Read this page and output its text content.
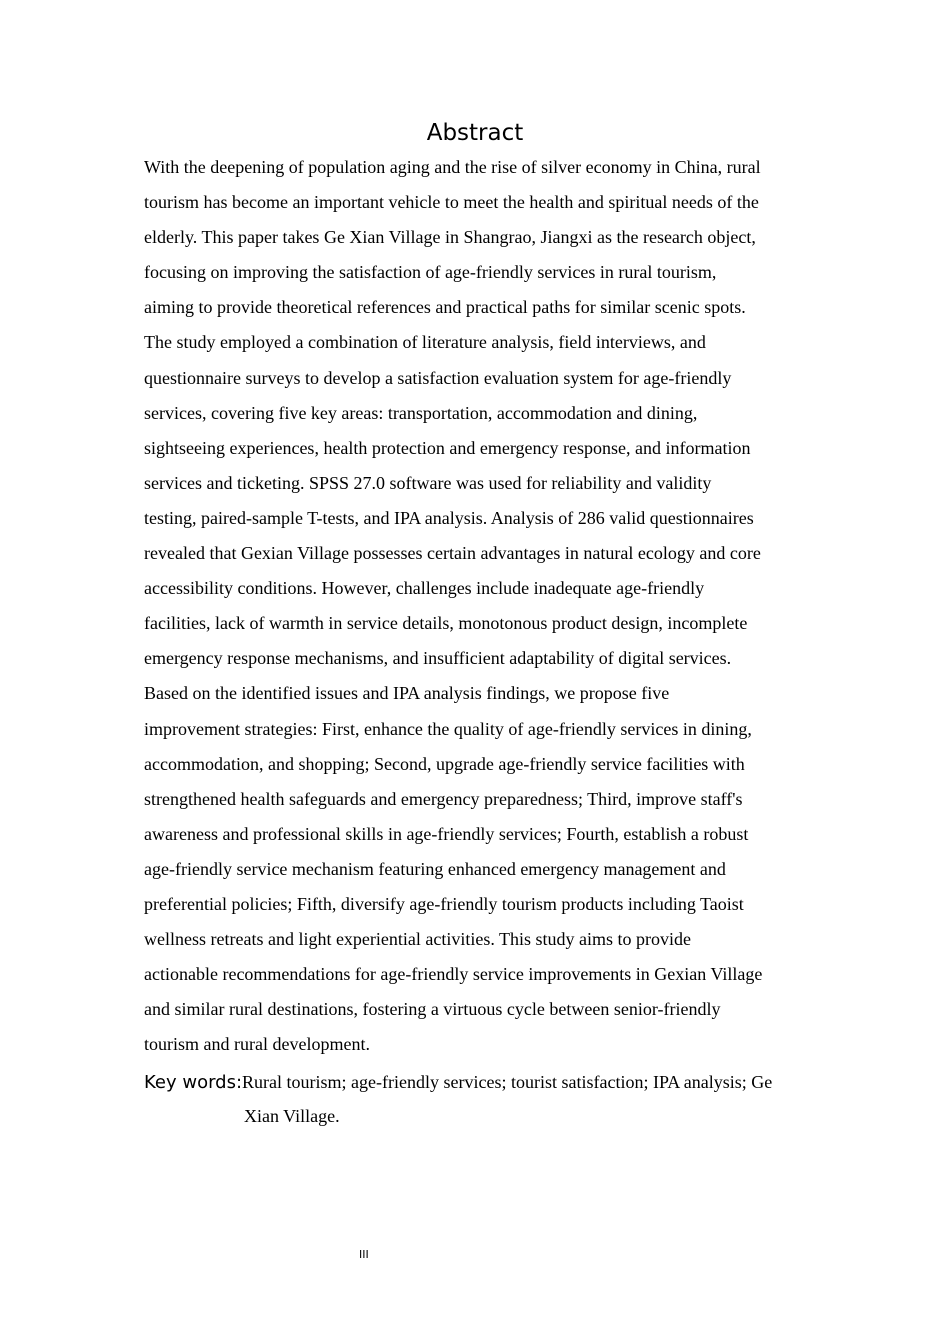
Abstract
With the deepening of population aging and the rise of silver economy in China, rural
tourism has become an important vehicle to meet the health and spiritual needs of the
elderly. This paper takes Ge Xian Village in Shangrao, Jiangxi as the research object,
focusing on improving the satisfaction of age-friendly services in rural tourism,
aiming to provide theoretical references and practical paths for similar scenic spots.
The study employed a combination of literature analysis, field interviews, and
questionnaire surveys to develop a satisfaction evaluation system for age-friendly
services, covering five key areas: transportation, accommodation and dining,
sightseeing experiences, health protection and emergency response, and information
services and ticketing. SPSS 27.0 software was used for reliability and validity
testing, paired-sample T-tests, and IPA analysis. Analysis of 286 valid questionnaires
revealed that Gexian Village possesses certain advantages in natural ecology and core
accessibility conditions. However, challenges include inadequate age-friendly
facilities, lack of warmth in service details, monotonous product design, incomplete
emergency response mechanisms, and insufficient adaptability of digital services.
Based on the identified issues and IPA analysis findings, we propose five
improvement strategies: First, enhance the quality of age-friendly services in dining,
accommodation, and shopping; Second, upgrade age-friendly service facilities with
strengthened health safeguards and emergency preparedness; Third, improve staff's
awareness and professional skills in age-friendly services; Fourth, establish a robust
age-friendly service mechanism featuring enhanced emergency management and
preferential policies; Fifth, diversify age-friendly tourism products including Taoist
wellness retreats and light experiential activities. This study aims to provide
actionable recommendations for age-friendly service improvements in Gexian Village
and similar rural destinations, fostering a virtuous cycle between senior-friendly
tourism and rural development.
Key words:Rural tourism; age-friendly services; tourist satisfaction; IPA analysis; Ge
Xian Village.
III
